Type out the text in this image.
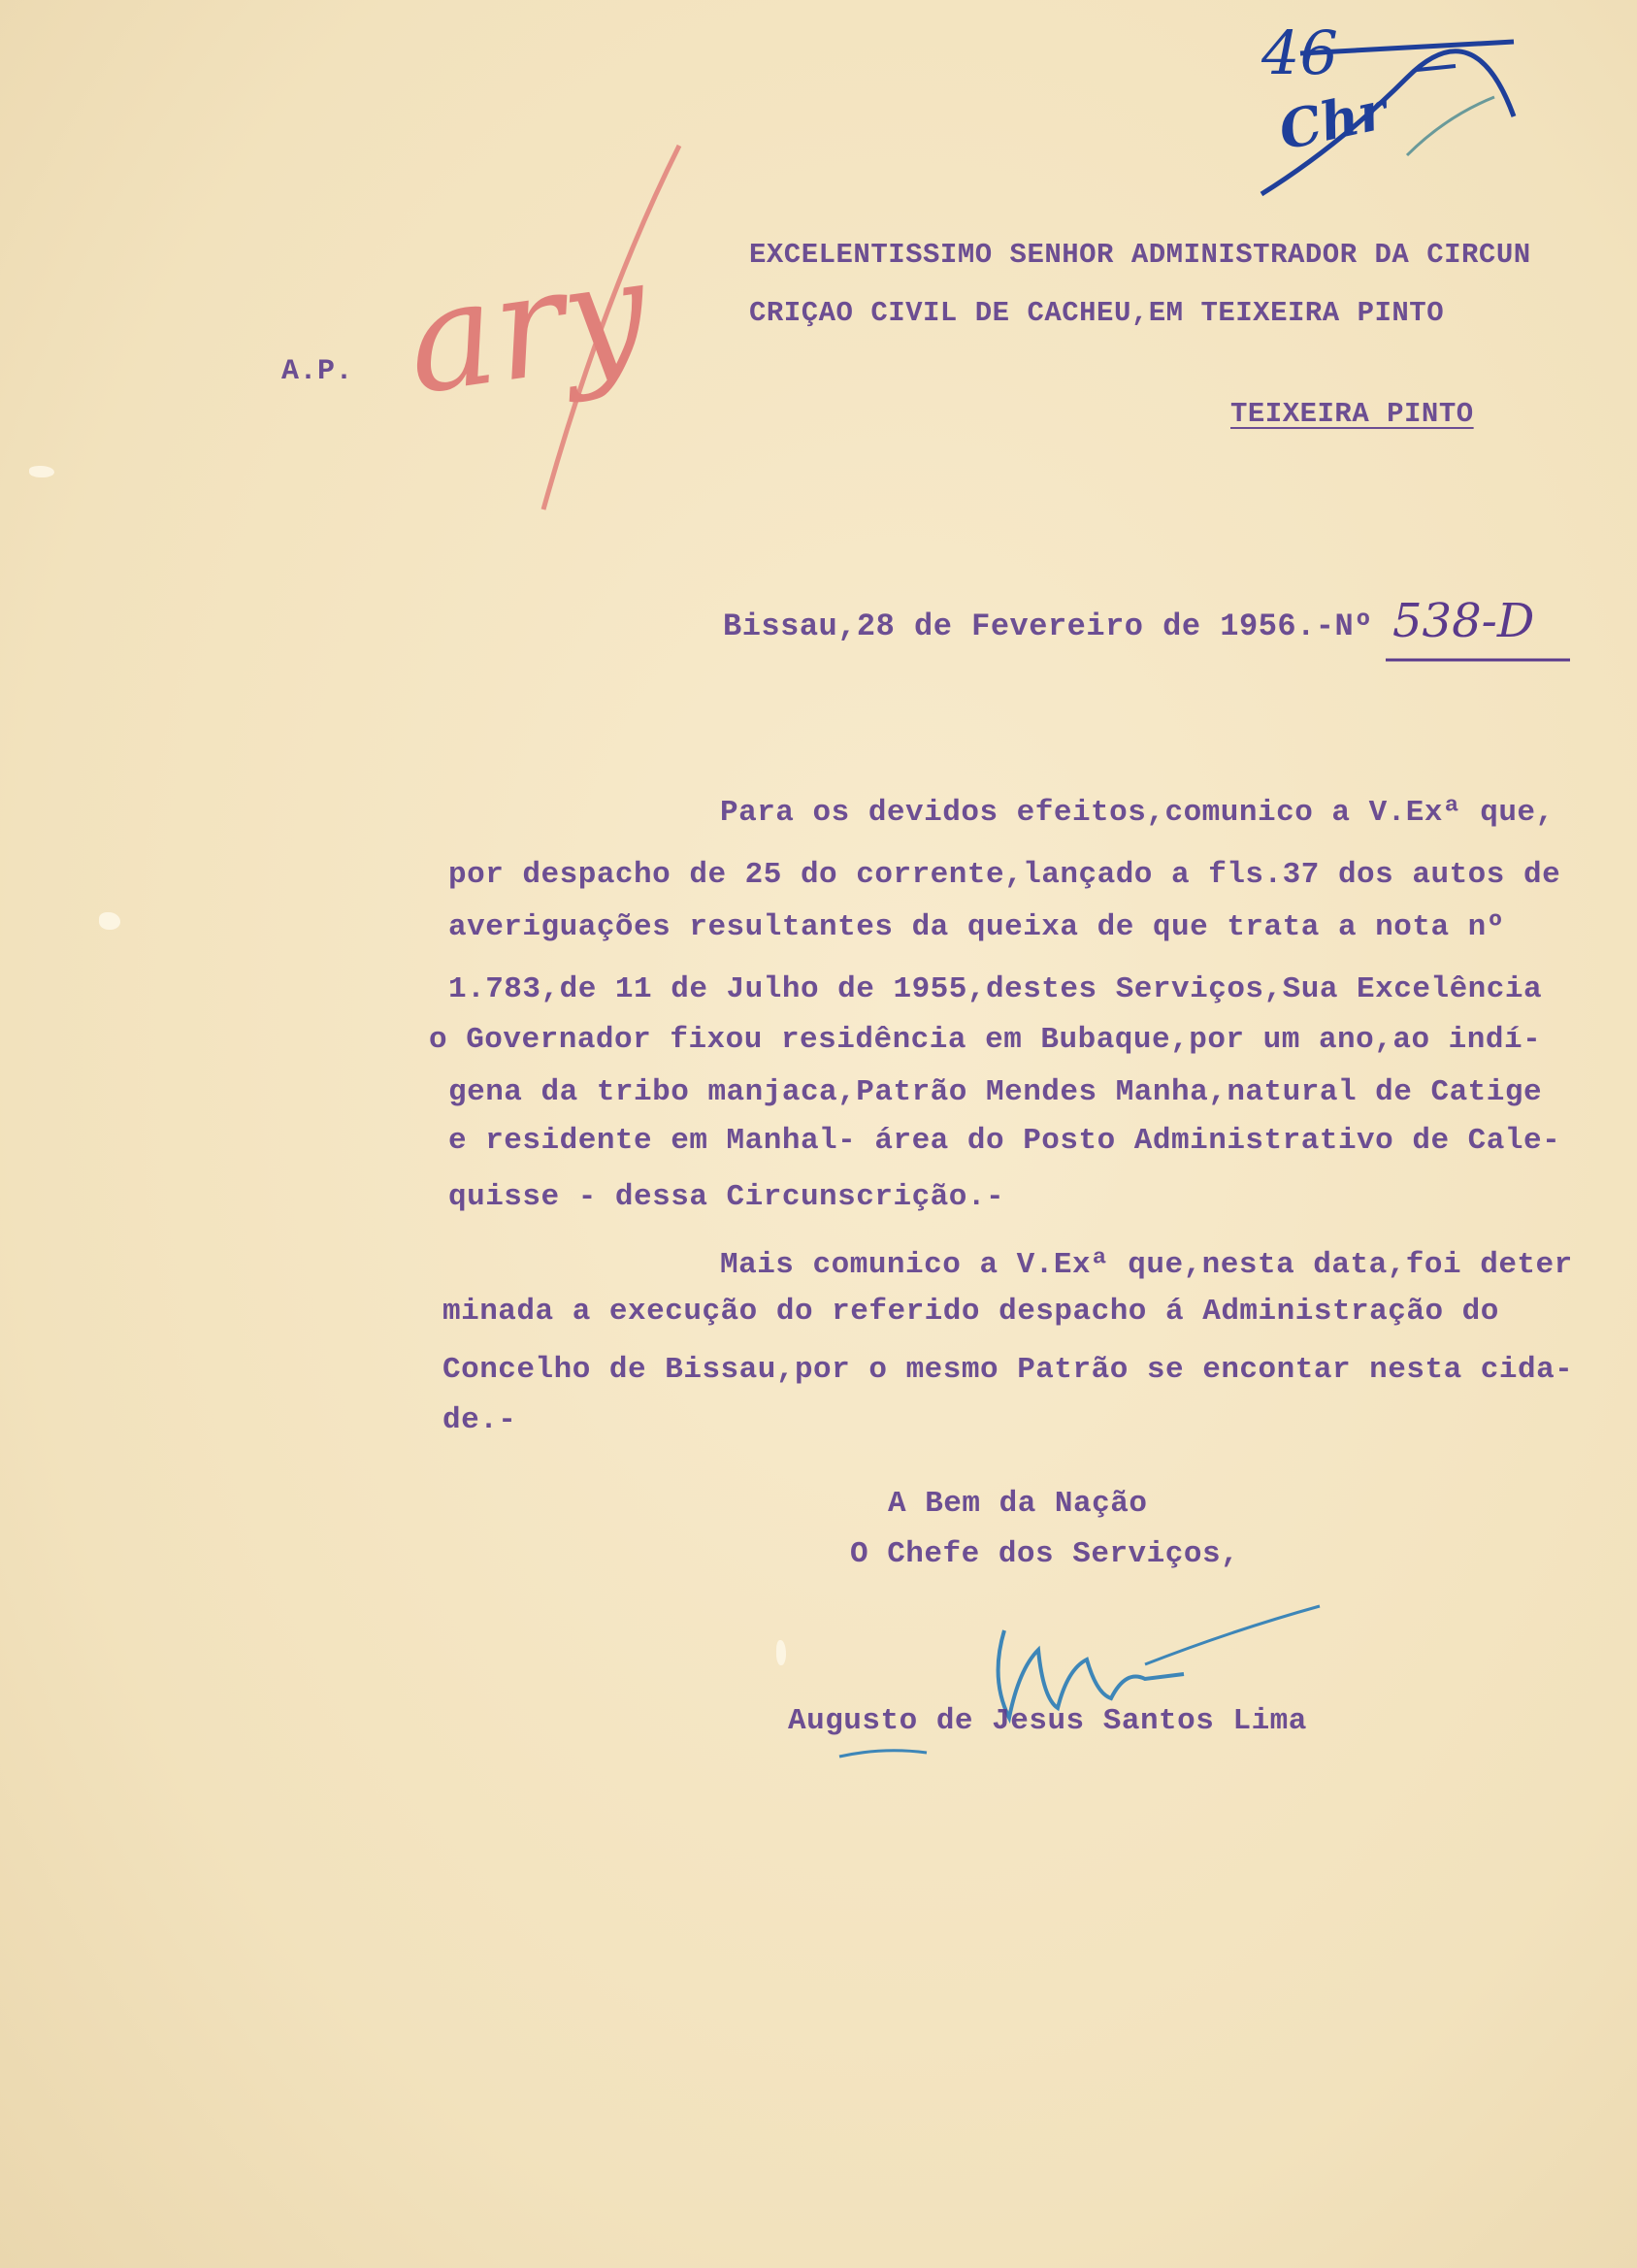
46
Chr
A.P. ary	EXCELENTISSIMO SENHOR ADMINISTRADOR DA CIRCUN
CRIÇAO CIVIL DE CACHEU,EM TEIXEIRA PINTO
TEIXEIRA PINTO
Bissau,28 de Fevereiro de 1956.-Nº 538-D
Para os devidos efeitos,comunico a V.Exª que,
por despacho de 25 do corrente,lançado a fls.37 dos autos de
averiguações resultantes da queixa de que trata a nota nº
1.783,de 11 de Julho de 1955,destes Serviços,Sua Excelência
o Governador fixou residência em Bubaque,por um ano,ao indí-
gena da tribo manjaca,Patrão Mendes Manha,natural de Catige
e residente em Manhal- área do Posto Administrativo de Cale-
quisse - dessa Circunscrição.-
Mais comunico a V.Exª que,nesta data,foi deter
minada a execução do referido despacho á Administração do
Concelho de Bissau,por o mesmo Patrão se encontar nesta cida-
de.-
A Bem da Nação
O Chefe dos Serviços,
Augusto de Jesus Santos Lima
